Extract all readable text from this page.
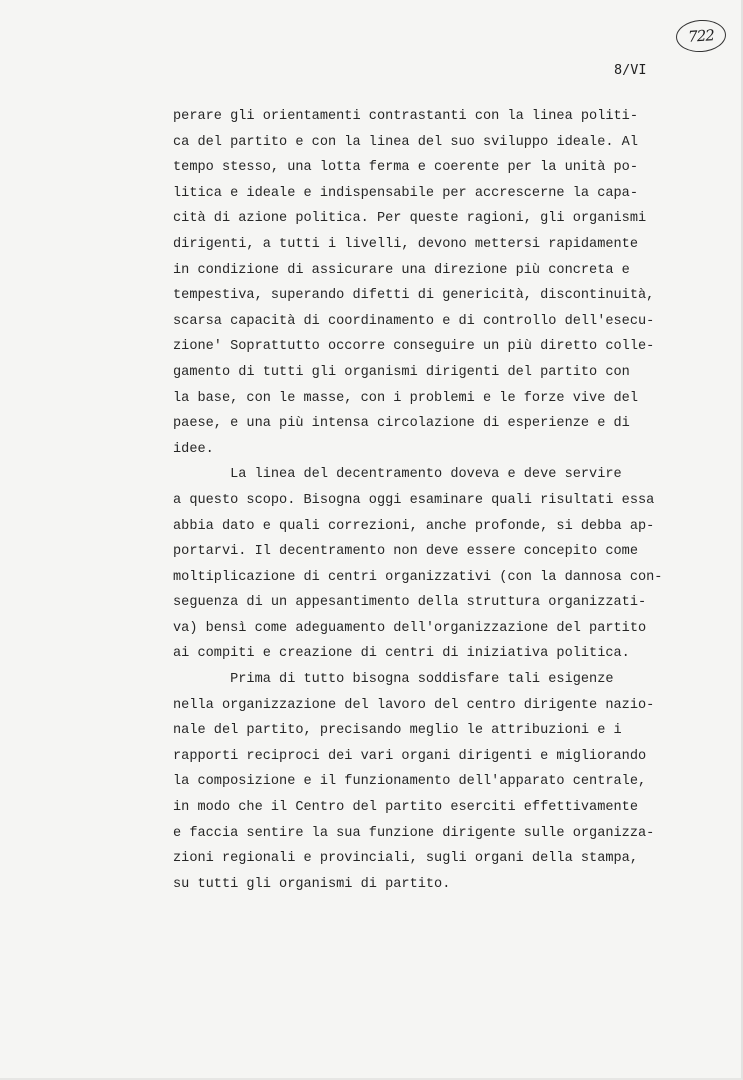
722
8/VI
perare gli orientamenti contrastanti con la linea politi-
ca del partito e con la linea del suo sviluppo ideale. Al
tempo stesso, una lotta ferma e coerente per la unità po-
litica e ideale e indispensabile per accrescerne la capa-
cità di azione politica. Per queste ragioni, gli organismi
dirigenti, a tutti i livelli, devono mettersi rapidamente
in condizione di assicurare una direzione più concreta e
tempestiva, superando difetti di genericità, discontinuità,
scarsa capacità di coordinamento e di controllo dell'esecu-
zione' Soprattutto occorre conseguire un più diretto colle-
gamento di tutti gli organismi dirigenti del partito con
la base, con le masse, con i problemi e le forze vive del
paese, e una più intensa circolazione di esperienze e di
idee.
La linea del decentramento doveva e deve servire
a questo scopo. Bisogna oggi esaminare quali risultati essa
abbia dato e quali correzioni, anche profonde, si debba ap-
portarvi. Il decentramento non deve essere concepito come
moltiplicazione di centri organizzativi (con la dannosa con-
seguenza di un appesantimento della struttura organizzati-
va) bensì come adeguamento dell'organizzazione del partito
ai compiti e creazione di centri di iniziativa politica.
Prima di tutto bisogna soddisfare tali esigenze
nella organizzazione del lavoro del centro dirigente nazio-
nale del partito, precisando meglio le attribuzioni e i
rapporti reciproci dei vari organi dirigenti e migliorando
la composizione e il funzionamento dell'apparato centrale,
in modo che il Centro del partito eserciti effettivamente
e faccia sentire la sua funzione dirigente sulle organizza-
zioni regionali e provinciali, sugli organi della stampa,
su tutti gli organismi di partito.
